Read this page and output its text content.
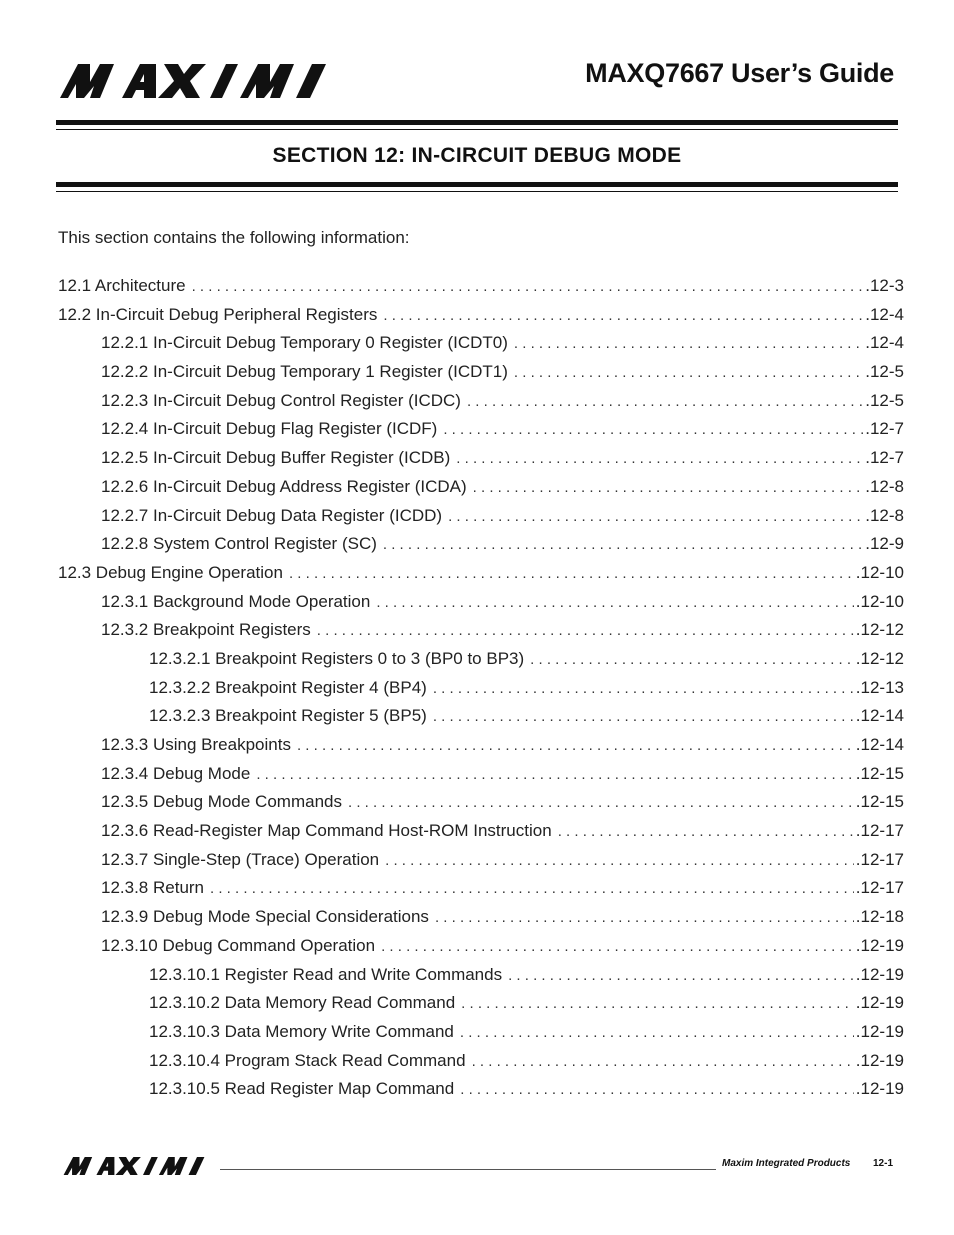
MAXQ7667 User’s Guide
SECTION 12: IN-CIRCUIT DEBUG MODE
This section contains the following information:
12.1 Architecture . . .	.12-3
12.2 In-Circuit Debug Peripheral Registers . . .	.12-4
12.2.1 In-Circuit Debug Temporary 0 Register (ICDT0) . . .	.12-4
12.2.2 In-Circuit Debug Temporary 1 Register (ICDT1) . . .	.12-5
12.2.3 In-Circuit Debug Control Register (ICDC) . . .	.12-5
12.2.4 In-Circuit Debug Flag Register (ICDF) . . .	.12-7
12.2.5 In-Circuit Debug Buffer Register (ICDB) . . .	.12-7
12.2.6 In-Circuit Debug Address Register (ICDA) . . .	.12-8
12.2.7 In-Circuit Debug Data Register (ICDD) . . .	.12-8
12.2.8 System Control Register (SC) . . .	.12-9
12.3 Debug Engine Operation . . .	.12-10
12.3.1 Background Mode Operation . . .	.12-10
12.3.2 Breakpoint Registers . . .	.12-12
12.3.2.1 Breakpoint Registers 0 to 3 (BP0 to BP3) . . .	.12-12
12.3.2.2 Breakpoint Register 4 (BP4) . . .	.12-13
12.3.2.3 Breakpoint Register 5 (BP5) . . .	.12-14
12.3.3 Using Breakpoints . . .	.12-14
12.3.4 Debug Mode . . .	.12-15
12.3.5 Debug Mode Commands . . .	.12-15
12.3.6 Read-Register Map Command Host-ROM Instruction . . .	.12-17
12.3.7 Single-Step (Trace) Operation . . .	.12-17
12.3.8 Return . . .	.12-17
12.3.9 Debug Mode Special Considerations . . .	.12-18
12.3.10 Debug Command Operation . . .	.12-19
12.3.10.1 Register Read and Write Commands . . .	.12-19
12.3.10.2 Data Memory Read Command . . .	.12-19
12.3.10.3 Data Memory Write Command . . .	.12-19
12.3.10.4 Program Stack Read Command . . .	.12-19
12.3.10.5 Read Register Map Command . . .	.12-19
Maxim Integrated Products 12-1
